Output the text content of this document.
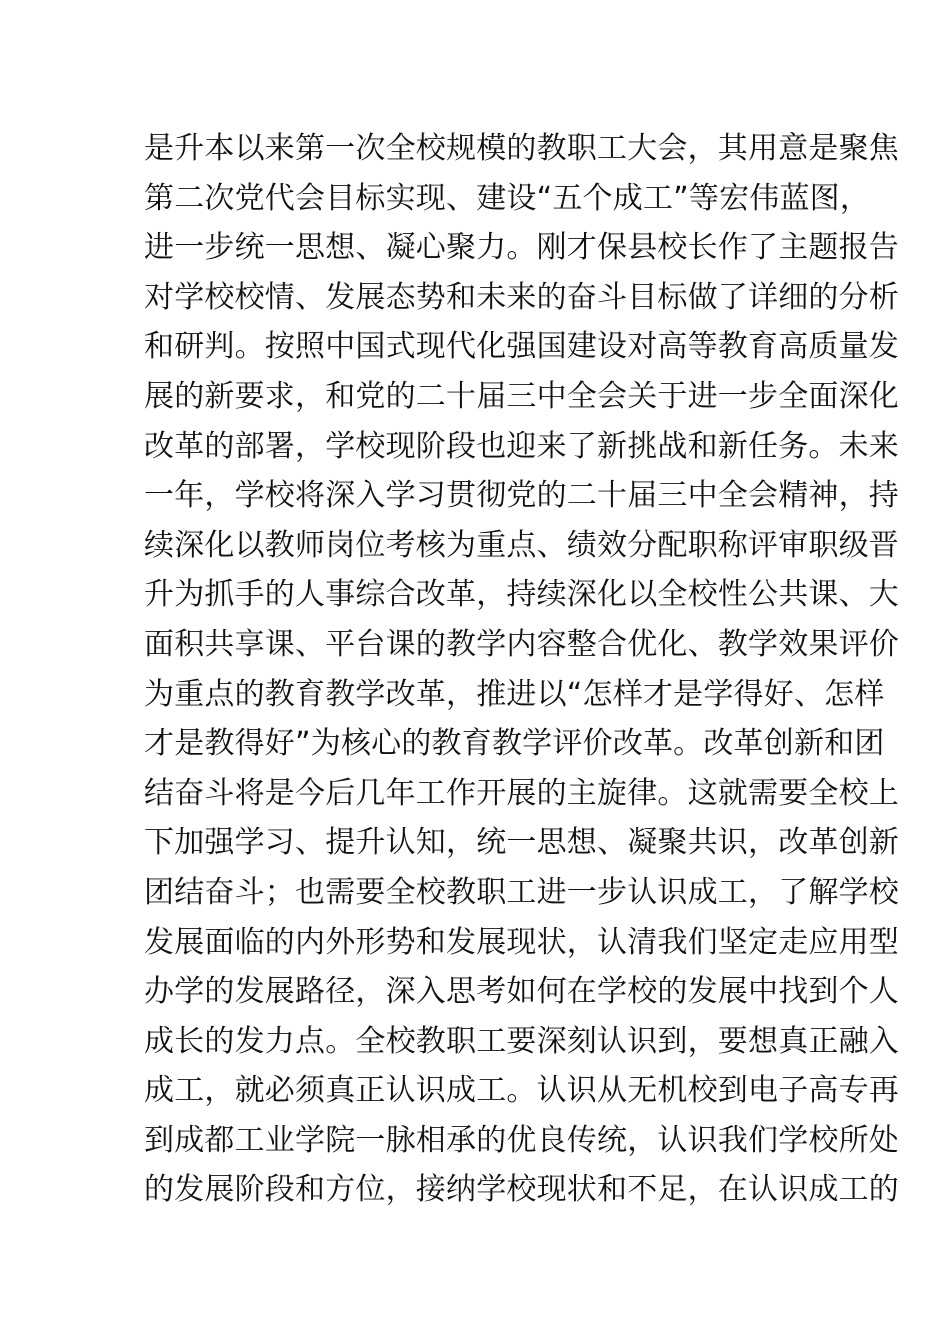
是升本以来第一次全校规模的教职工大会，其用意是聚焦
第二次党代会目标实现、建设“五个成工”等宏伟蓝图，
进一步统一思想、凝心聚力。刚才保县校长作了主题报告
对学校校情、发展态势和未来的奋斗目标做了详细的分析
和研判。按照中国式现代化强国建设对高等教育高质量发
展的新要求，和党的二十届三中全会关于进一步全面深化
改革的部署，学校现阶段也迎来了新挑战和新任务。未来
一年，学校将深入学习贯彻党的二十届三中全会精神，持
续深化以教师岗位考核为重点、绩效分配职称评审职级晋
升为抓手的人事综合改革，持续深化以全校性公共课、大
面积共享课、平台课的教学内容整合优化、教学效果评价
为重点的教育教学改革，推进以“怎样才是学得好、怎样
才是教得好”为核心的教育教学评价改革。改革创新和团
结奋斗将是今后几年工作开展的主旋律。这就需要全校上
下加强学习、提升认知，统一思想、凝聚共识，改革创新
团结奋斗；也需要全校教职工进一步认识成工，了解学校
发展面临的内外形势和发展现状，认清我们坚定走应用型
办学的发展路径，深入思考如何在学校的发展中找到个人
成长的发力点。全校教职工要深刻认识到，要想真正融入
成工，就必须真正认识成工。认识从无机校到电子高专再
到成都工业学院一脉相承的优良传统，认识我们学校所处
的发展阶段和方位，接纳学校现状和不足，在认识成工的
